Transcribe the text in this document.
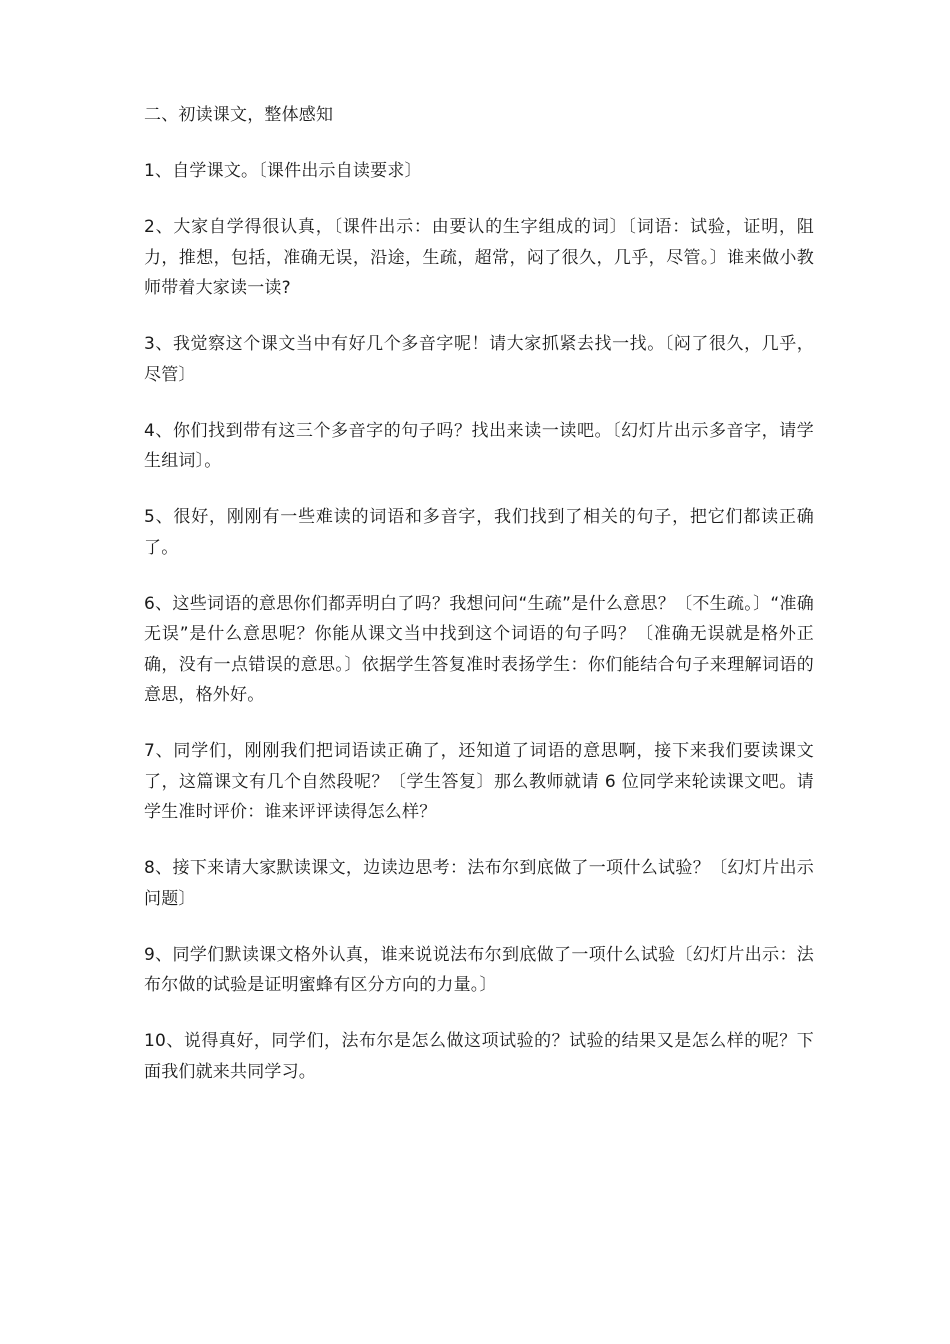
二、初读课文，整体感知

1、自学课文。〔课件出示自读要求〕

2、大家自学得很认真，〔课件出示：由要认的生字组成的词〕〔词语：试验，证明，阻力，推想，包括，准确无误，沿途，生疏，超常，闷了很久，几乎，尽管。〕谁来做小教师带着大家读一读?

3、我觉察这个课文当中有好几个多音字呢！请大家抓紧去找一找。〔闷了很久，几乎，尽管〕

4、你们找到带有这三个多音字的句子吗？找出来读一读吧。〔幻灯片出示多音字，请学生组词〕。

5、很好，刚刚有一些难读的词语和多音字，我们找到了相关的句子，把它们都读正确了。

6、这些词语的意思你们都弄明白了吗？我想问问“生疏”是什么意思？〔不生疏。〕“准确无误”是什么意思呢？你能从课文当中找到这个词语的句子吗？〔准确无误就是格外正确，没有一点错误的意思。〕依据学生答复准时表扬学生：你们能结合句子来理解词语的意思，格外好。

7、同学们，刚刚我们把词语读正确了，还知道了词语的意思啊，接下来我们要读课文了，这篇课文有几个自然段呢？〔学生答复〕那么教师就请 6 位同学来轮读课文吧。请学生准时评价：谁来评评读得怎么样？

8、接下来请大家默读课文，边读边思考：法布尔到底做了一项什么试验？〔幻灯片出示问题〕

9、同学们默读课文格外认真，谁来说说法布尔到底做了一项什么试验〔幻灯片出示：法布尔做的试验是证明蜜蜂有区分方向的力量。〕

10、说得真好，同学们，法布尔是怎么做这项试验的？试验的结果又是怎么样的呢？下面我们就来共同学习。
